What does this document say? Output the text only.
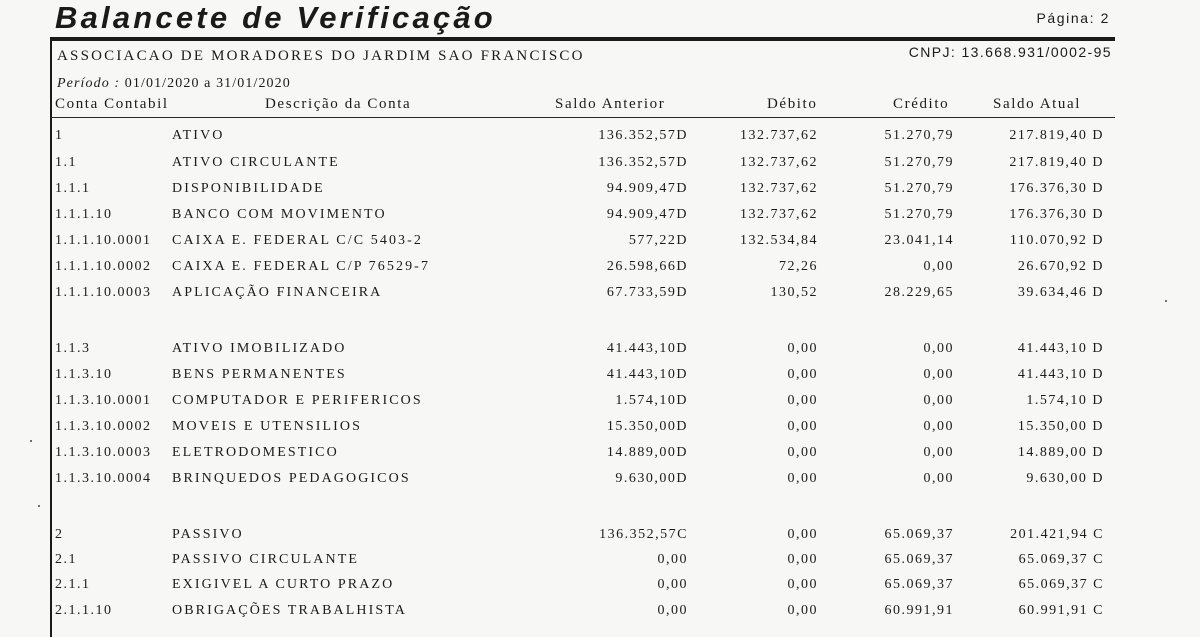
Balancete de Verificação	Página: 2
ASSOCIACAO DE MORADORES DO JARDIM SAO FRANCISCO	CNPJ: 13.668.931/0002-95
Período : 01/01/2020 a 31/01/2020
Conta Contabil	Descrição da Conta	Saldo Anterior	Débito	Crédito	Saldo Atual
1	ATIVO	136.352,57D	132.737,62	51.270,79	217.819,40 D
1.1	ATIVO CIRCULANTE	136.352,57D	132.737,62	51.270,79	217.819,40 D
1.1.1	DISPONIBILIDADE	94.909,47D	132.737,62	51.270,79	176.376,30 D
1.1.1.10	BANCO COM MOVIMENTO	94.909,47D	132.737,62	51.270,79	176.376,30 D
1.1.1.10.0001 CAIXA E. FEDERAL C/C 5403-2	577,22D	132.534,84	23.041,14	110.070,92 D
1.1.1.10.0002 CAIXA E. FEDERAL C/P 76529-7	26.598,66D	72,26	0,00	26.670,92 D
1.1.1.10.0003 APLICAÇÃO FINANCEIRA	67.733,59D	130,52	28.229,65	39.634,46 D
1.1.3	ATIVO IMOBILIZADO	41.443,10D	0,00	0,00	41.443,10 D
1.1.3.10	BENS PERMANENTES	41.443,10D	0,00	0,00	41.443,10 D
1.1.3.10.0001 COMPUTADOR E PERIFERICOS	1.574,10D	0,00	0,00	1.574,10 D
1.1.3.10.0002 MOVEIS E UTENSILIOS	15.350,00D	0,00	0,00	15.350,00 D
1.1.3.10.0003 ELETRODOMESTICO	14.889,00D	0,00	0,00	14.889,00 D
1.1.3.10.0004 BRINQUEDOS PEDAGOGICOS	9.630,00D	0,00	0,00	9.630,00 D
2	PASSIVO	136.352,57C	0,00	65.069,37	201.421,94 C
2.1	PASSIVO CIRCULANTE	0,00	0,00	65.069,37	65.069,37 C
2.1.1	EXIGIVEL A CURTO PRAZO	0,00	0,00	65.069,37	65.069,37 C
2.1.1.10	OBRIGAÇÕES TRABALHISTA	0,00	0,00	60.991,91	60.991,91 C
